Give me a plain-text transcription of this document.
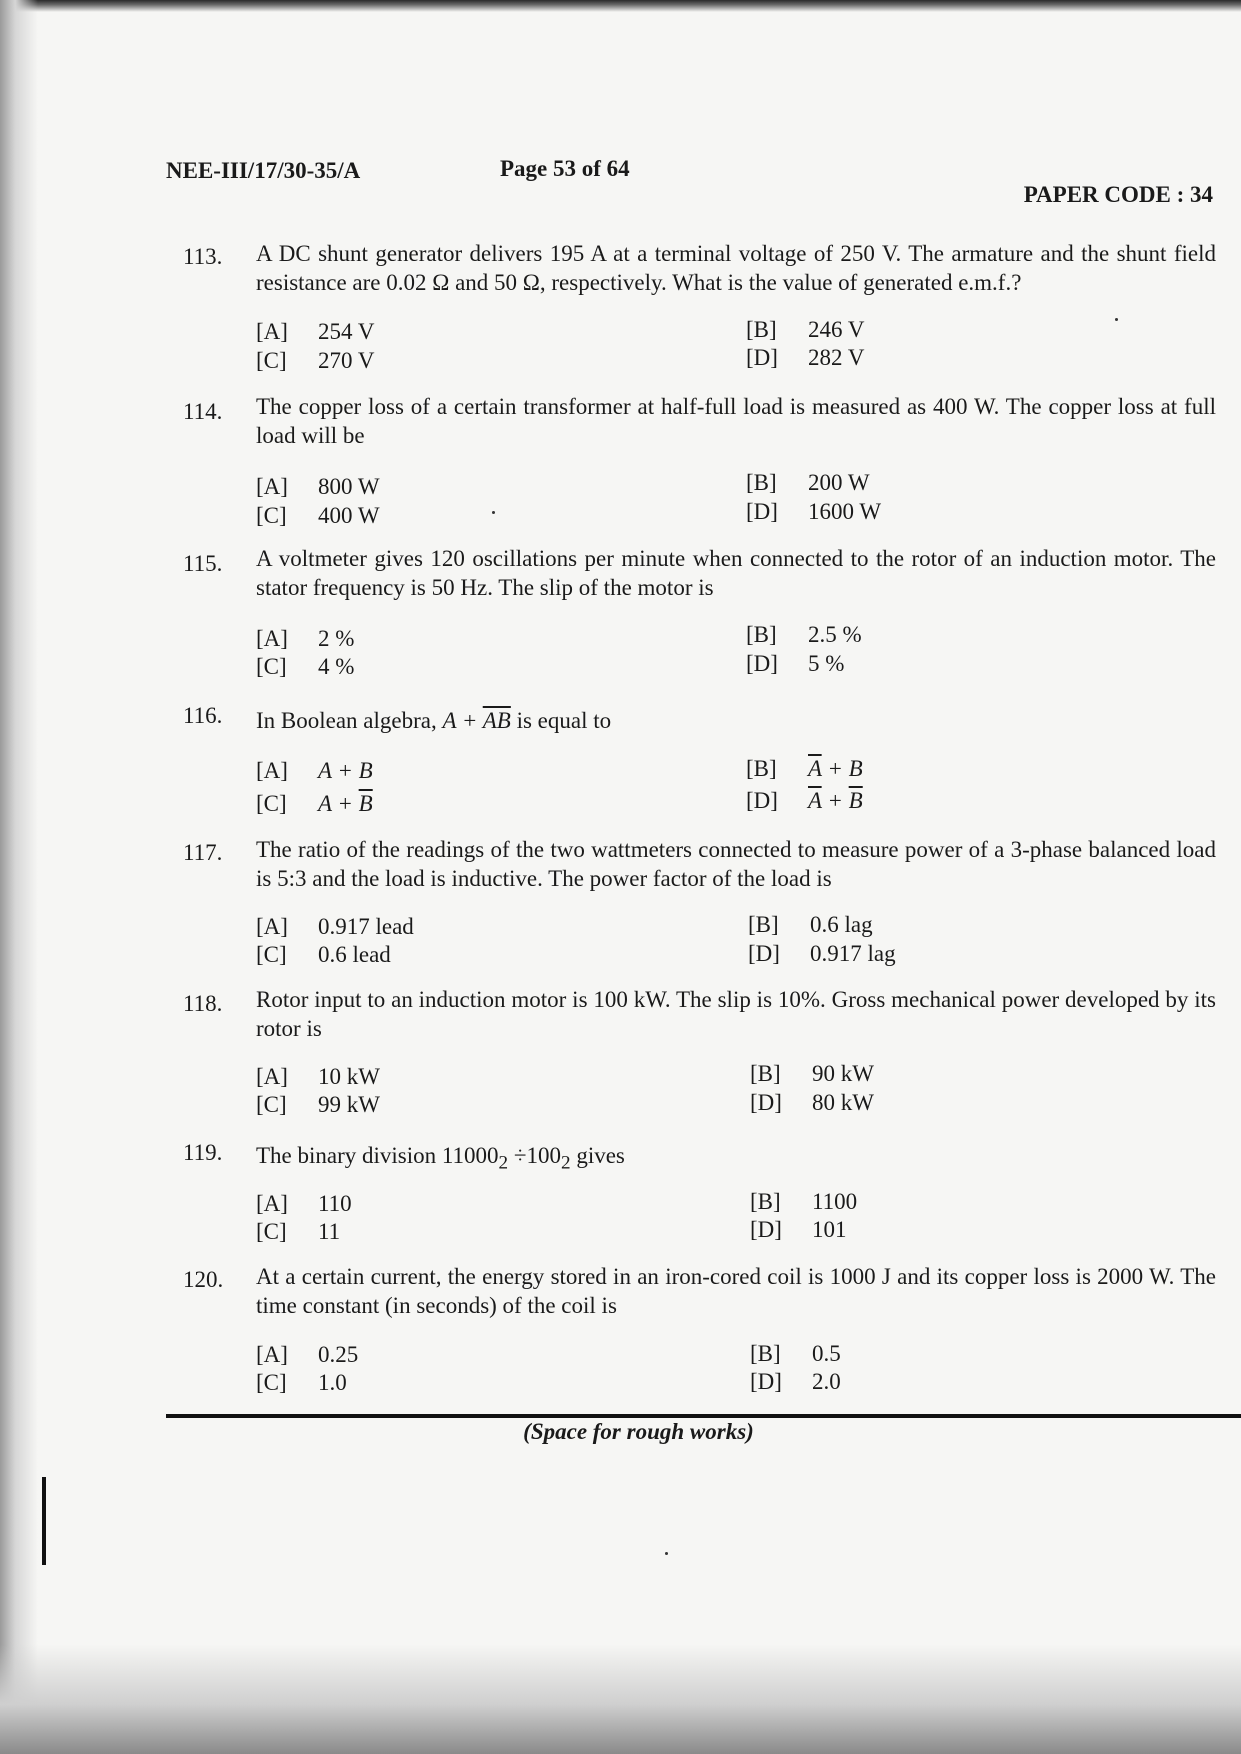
NEE-III/17/30-35/A	Page 53 of 64
PAPER CODE : 34
113. A DC shunt generator delivers 195 A at a terminal voltage of 250 V. The armature and the shunt field resistance are 0.02 Ω and 50 Ω, respectively. What is the value of generated e.m.f.?
[A] 254 V	[B] 246 V
[C] 270 V	[D] 282 V
114. The copper loss of a certain transformer at half-full load is measured as 400 W. The copper loss at full load will be
[A] 800 W	[B] 200 W
[C] 400 W	[D] 1600 W
115. A voltmeter gives 120 oscillations per minute when connected to the rotor of an induction motor. The stator frequency is 50 Hz. The slip of the motor is
[A] 2 %	[B] 2.5 %
[C] 4 %	[D] 5 %
116. In Boolean algebra, $A + \overline{AB}$ is equal to
[A] A + B	[B] $\overline{A} + B$
[C] $A + \overline{B}$	[D] $\overline{A} + \overline{B}$
117. The ratio of the readings of the two wattmeters connected to measure power of a 3-phase balanced load is 5:3 and the load is inductive. The power factor of the load is
[A] 0.917 lead	[B] 0.6 lag
[C] 0.6 lead	[D] 0.917 lag
118. Rotor input to an induction motor is 100 kW. The slip is 10%. Gross mechanical power developed by its rotor is
[A] 10 kW	[B] 90 kW
[C] 99 kW	[D] 80 kW
119. The binary division $11000_2 \div 100_2$ gives
[A] 110	[B] 1100
[C] 11	[D] 101
120. At a certain current, the energy stored in an iron-cored coil is 1000 J and its copper loss is 2000 W. The time constant (in seconds) of the coil is
[A] 0.25	[B] 0.5
[C] 1.0	[D] 2.0
(Space for rough works)
